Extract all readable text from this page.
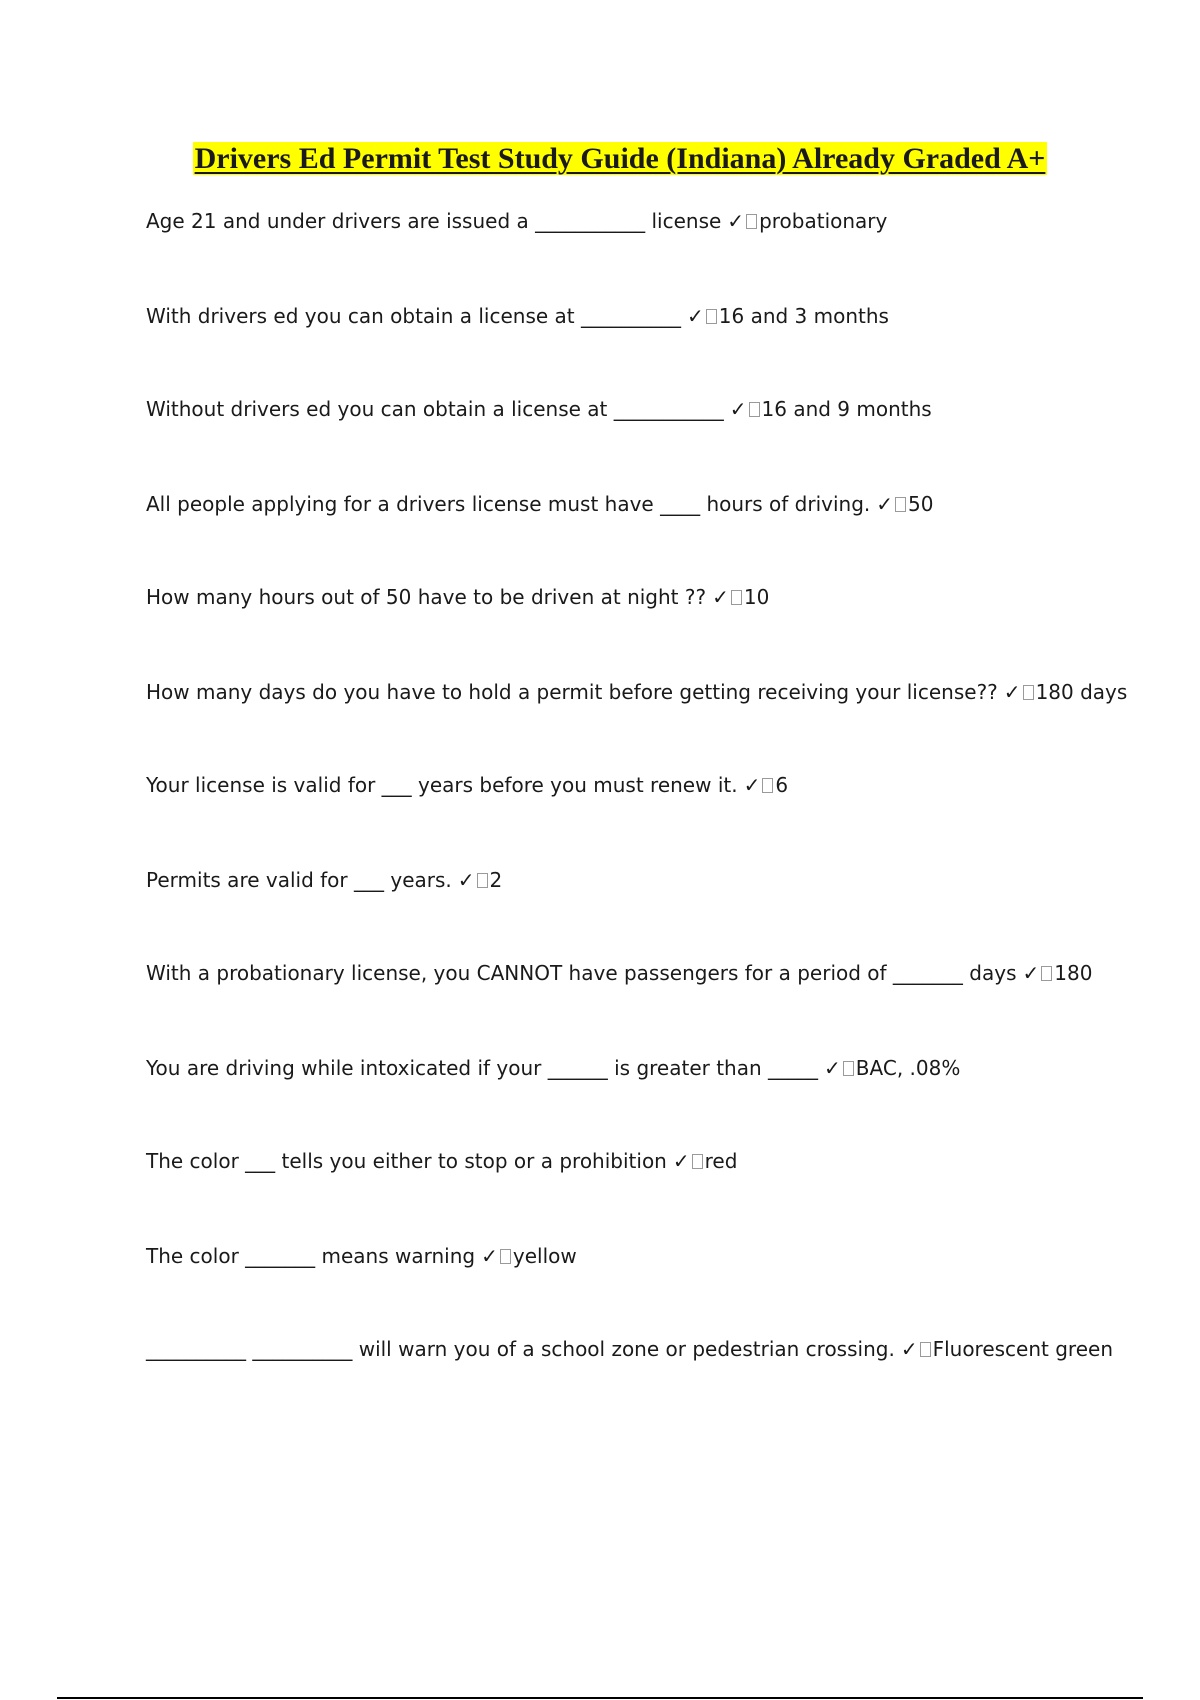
Drivers Ed Permit Test Study Guide (Indiana) Already Graded A+

Age 21 and under drivers are issued a ___________ license ✓ probationary

With drivers ed you can obtain a license at __________ ✓ 16 and 3 months

Without drivers ed you can obtain a license at ___________ ✓ 16 and 9 months

All people applying for a drivers license must have ____ hours of driving. ✓ 50

How many hours out of 50 have to be driven at night ?? ✓ 10

How many days do you have to hold a permit before getting receiving your license?? ✓ 180 days

Your license is valid for ___ years before you must renew it. ✓ 6

Permits are valid for ___ years. ✓ 2

With a probationary license, you CANNOT have passengers for a period of _______ days ✓ 180

You are driving while intoxicated if your ______ is greater than _____ ✓ BAC, .08%

The color ___ tells you either to stop or a prohibition ✓ red

The color _______ means warning ✓ yellow

__________ __________ will warn you of a school zone or pedestrian crossing. ✓ Fluorescent green
